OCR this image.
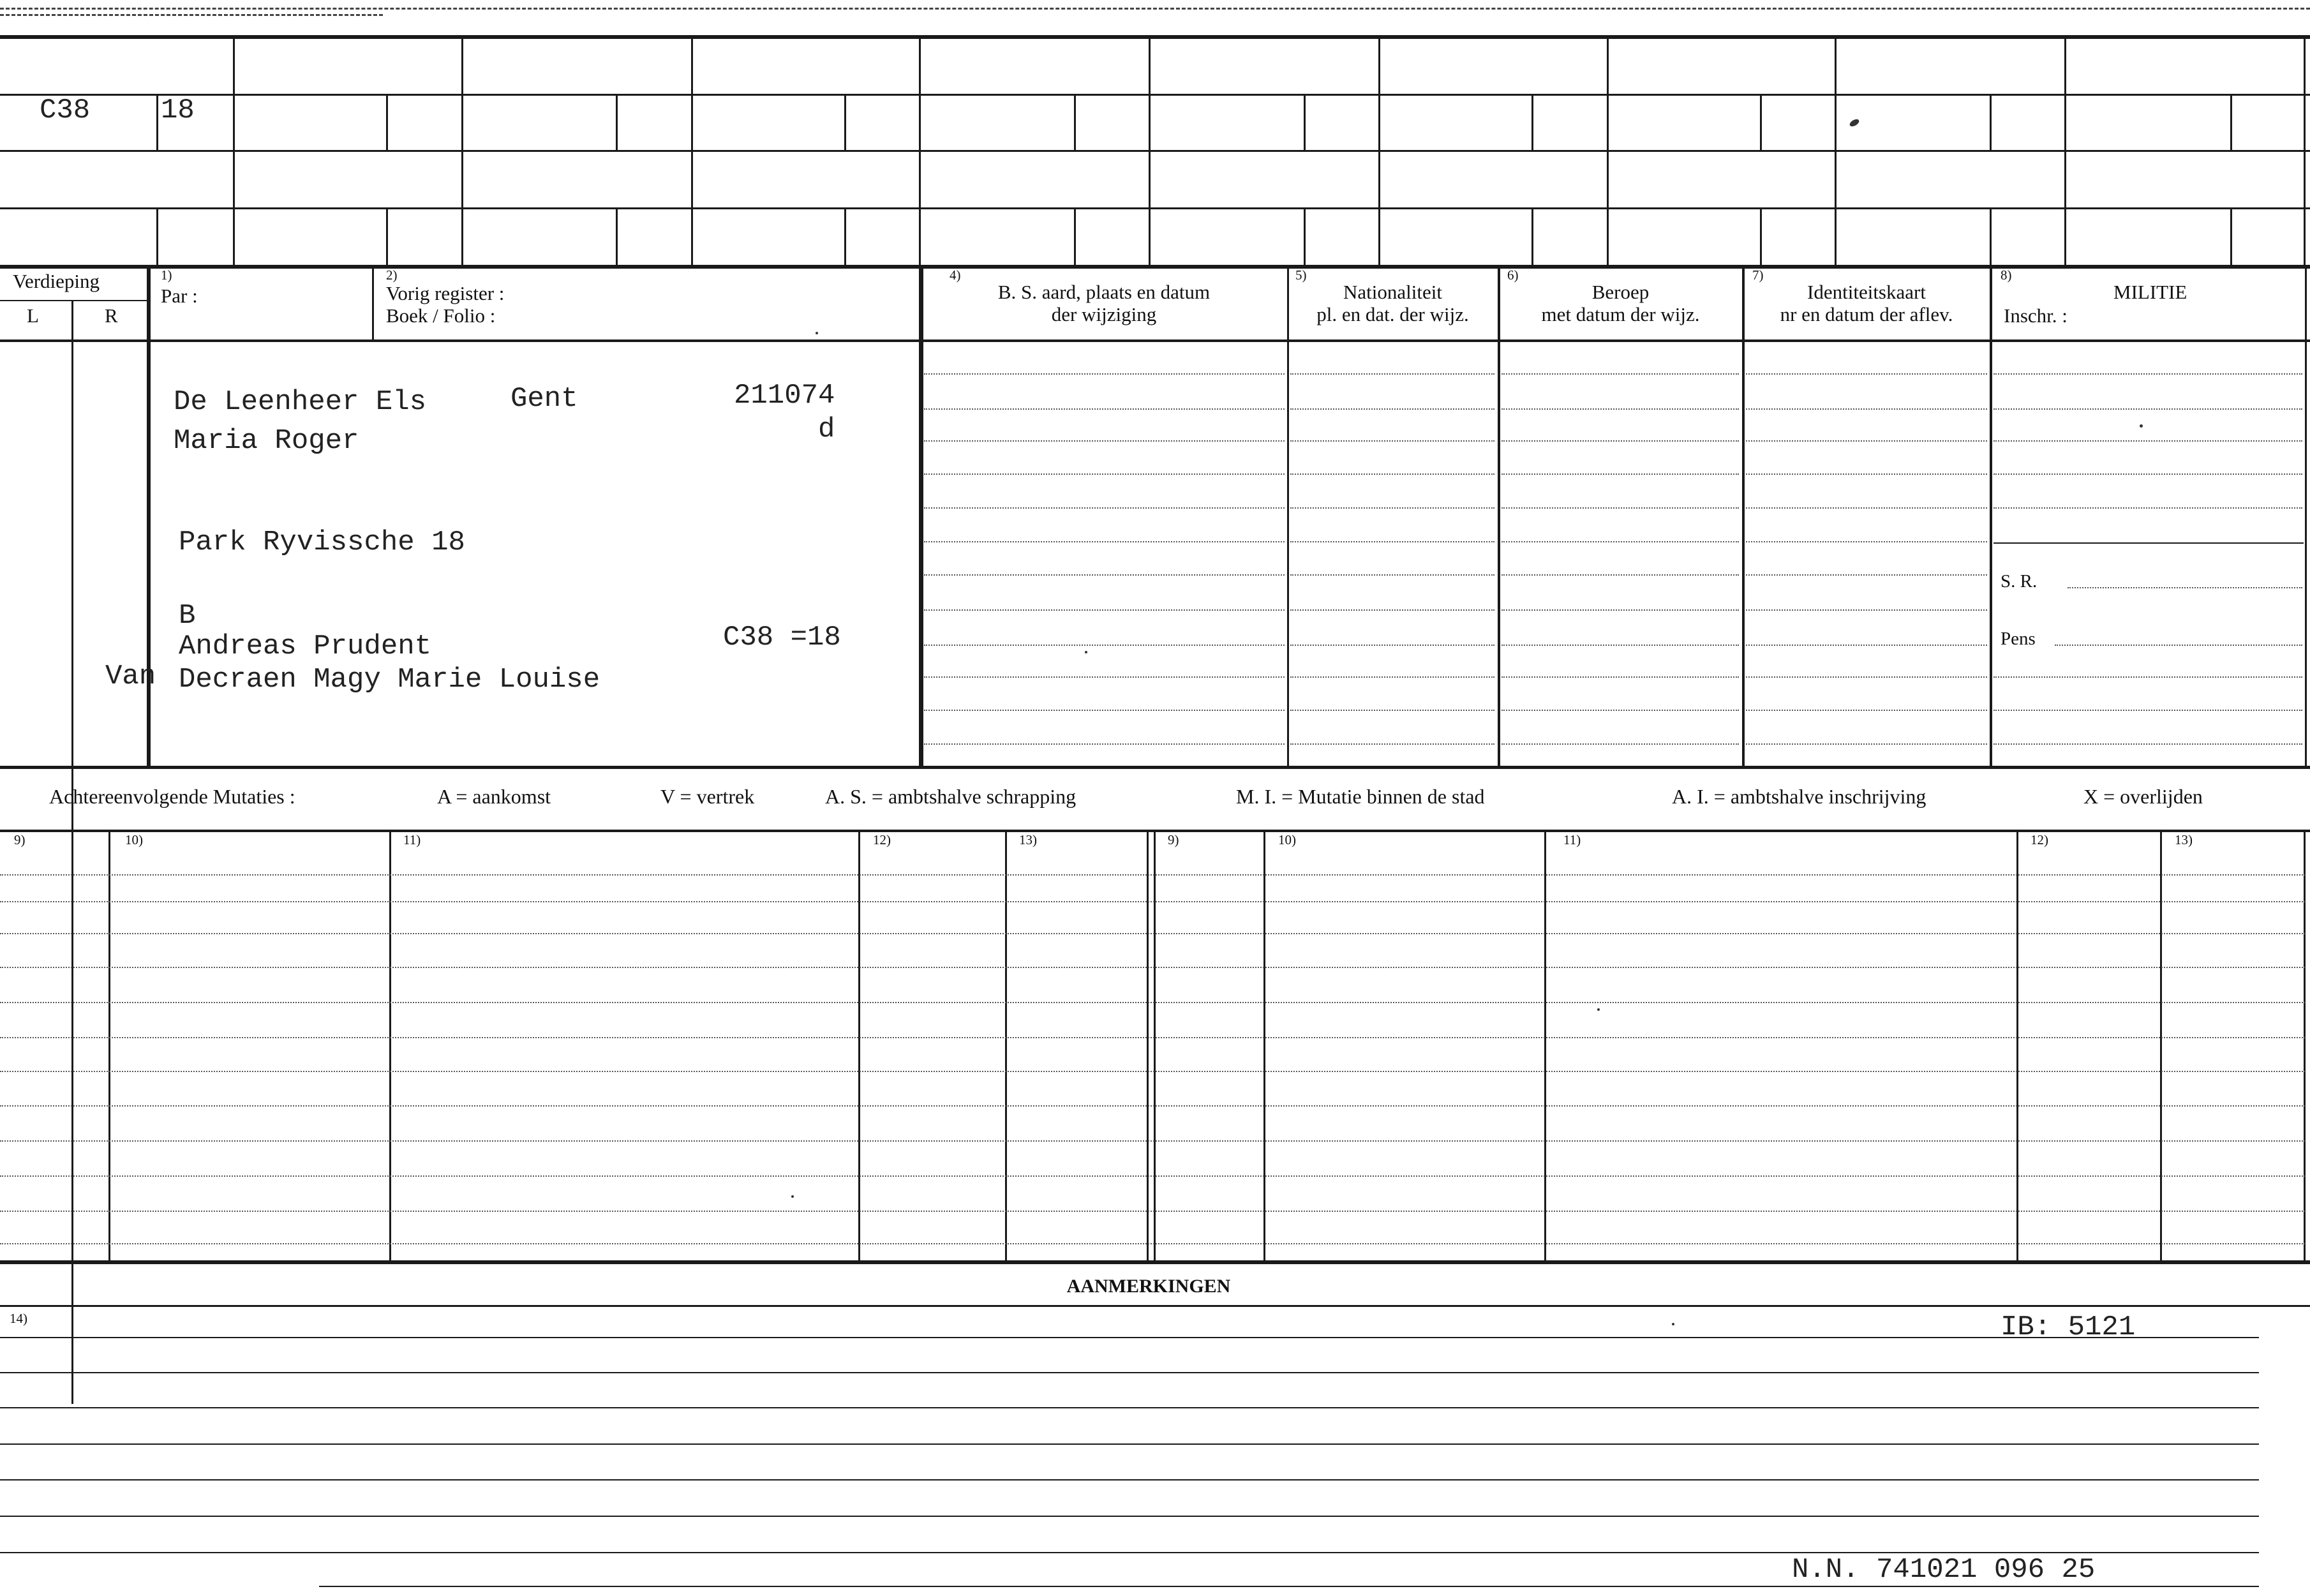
C38	18
Verdieping
L	R
1)
Par :
2)
Vorig register :
Boek / Folio :
4)
B. S. aard, plaats en datum
der wijziging
5)
Nationaliteit
pl. en dat. der wijz.
6)
Beroep
met datum der wijz.
7)
Identiteitskaart
nr en datum der aflev.
8)
MILITIE
Inschr. :
S. R.
Pens
De Leenheer Els	Gent	211074
d
Maria Roger
Park Ryvissche 18
B
Andreas Prudent	C38 =18
Van Decraen Magy Marie Louise
Achtereenvolgende Mutaties :	A = aankomst	V = vertrek	A. S. = ambtshalve schrapping	M. I. = Mutatie binnen de stad	A. I. = ambtshalve inschrijving	X = overlijden
9)	10)	11)	12)	13)	9)	10)	11)	12)	13)
AANMERKINGEN
14)	IB: 5121
N.N. 741021 096 25
